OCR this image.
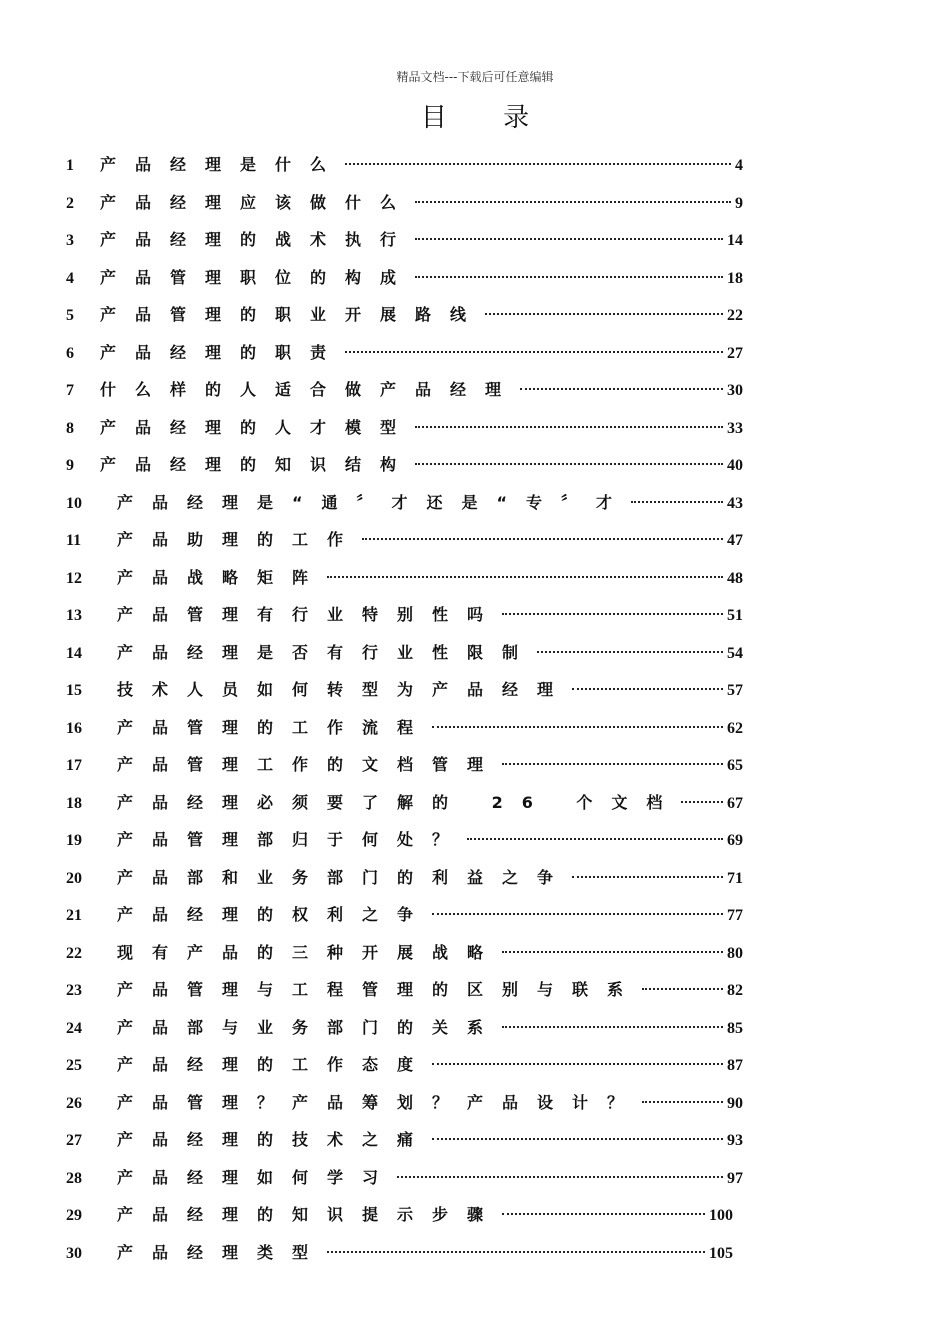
精品文档---下载后可任意编辑
目 录
1	产品经理是什么	4
2	产品经理应该做什么	9
3	产品经理的战术执行	14
4	产品管理职位的构成	18
5	产品管理的职业开展路线	22
6	产品经理的职责	27
7	什么样的人适合做产品经理	30
8	产品经理的人才模型	33
9	产品经理的知识结构	40
10	产品经理是“通〞才还是“专〞才	43
11	产品助理的工作	47
12	产品战略矩阵	48
13	产品管理有行业特别性吗	51
14	产品经理是否有行业性限制	54
15	技术人员如何转型为产品经理	57
16	产品管理的工作流程	62
17	产品管理工作的文档管理	65
18	产品经理必须要了解的 26 个文档	67
19	产品管理部归于何处？	69
20	产品部和业务部门的利益之争	71
21	产品经理的权利之争	77
22	现有产品的三种开展战略	80
23	产品管理与工程管理的区别与联系	82
24	产品部与业务部门的关系	85
25	产品经理的工作态度	87
26	产品管理？产品筹划？产品设计？	90
27	产品经理的技术之痛	93
28	产品经理如何学习	97
29	产品经理的知识提示步骤	100
30	产品经理类型	105
